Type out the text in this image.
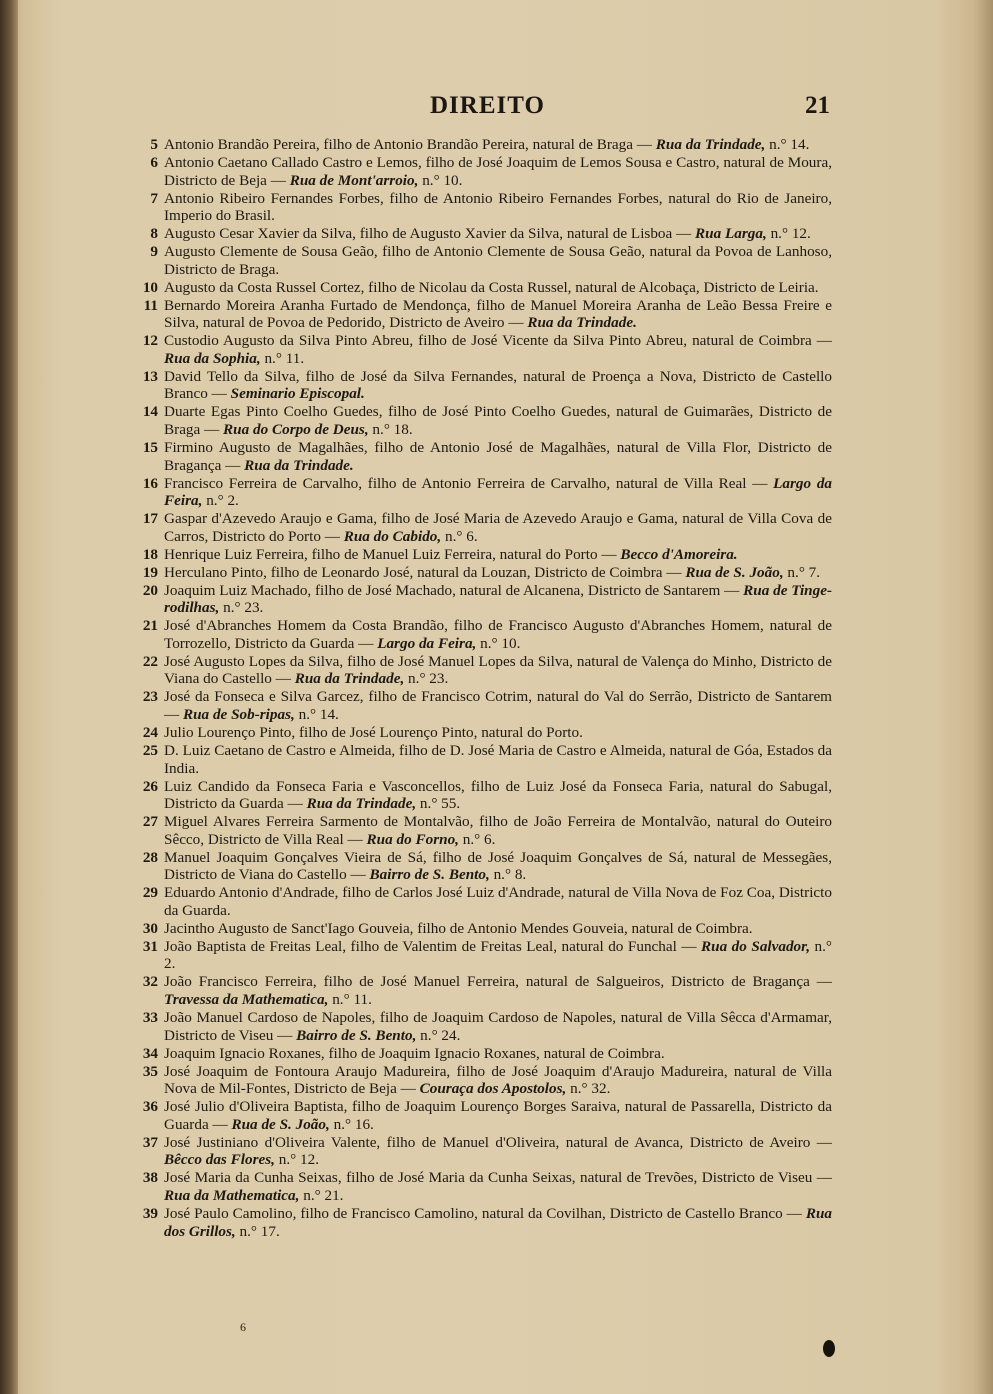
DIREITO	21
5 Antonio Brandão Pereira, filho de Antonio Brandão Pereira, natural de Braga — Rua da Trindade, n.° 14.
6 Antonio Caetano Callado Castro e Lemos, filho de José Joaquim de Lemos Sousa e Castro, natural de Moura, Districto de Beja — Rua de Mont'arroio, n.° 10.
7 Antonio Ribeiro Fernandes Forbes, filho de Antonio Ribeiro Fernandes Forbes, natural do Rio de Janeiro, Imperio do Brasil.
8 Augusto Cesar Xavier da Silva, filho de Augusto Xavier da Silva, natural de Lisboa — Rua Larga, n.° 12.
9 Augusto Clemente de Sousa Geão, filho de Antonio Clemente de Sousa Geão, natural da Povoa de Lanhoso, Districto de Braga.
10 Augusto da Costa Russel Cortez, filho de Nicolau da Costa Russel, natural de Alcobaça, Districto de Leiria.
11 Bernardo Moreira Aranha Furtado de Mendonça, filho de Manuel Moreira Aranha de Leão Bessa Freire e Silva, natural de Povoa de Pedorido, Districto de Aveiro — Rua da Trindade.
12 Custodio Augusto da Silva Pinto Abreu, filho de José Vicente da Silva Pinto Abreu, natural de Coimbra — Rua da Sophia, n.° 11.
13 David Tello da Silva, filho de José da Silva Fernandes, natural de Proença a Nova, Districto de Castello Branco — Seminario Episcopal.
14 Duarte Egas Pinto Coelho Guedes, filho de José Pinto Coelho Guedes, natural de Guimarães, Districto de Braga — Rua do Corpo de Deus, n.° 18.
15 Firmino Augusto de Magalhães, filho de Antonio José de Magalhães, natural de Villa Flor, Districto de Bragança — Rua da Trindade.
16 Francisco Ferreira de Carvalho, filho de Antonio Ferreira de Carvalho, natural de Villa Real — Largo da Feira, n.° 2.
17 Gaspar d'Azevedo Araujo e Gama, filho de José Maria de Azevedo Araujo e Gama, natural de Villa Cova de Carros, Districto do Porto — Rua do Cabido, n.° 6.
18 Henrique Luiz Ferreira, filho de Manuel Luiz Ferreira, natural do Porto — Becco d'Amoreira.
19 Herculano Pinto, filho de Leonardo José, natural da Louzan, Districto de Coimbra — Rua de S. João, n.° 7.
20 Joaquim Luiz Machado, filho de José Machado, natural de Alcanena, Districto de Santarem — Rua de Tinge-rodilhas, n.° 23.
21 José d'Abranches Homem da Costa Brandão, filho de Francisco Augusto d'Abranches Homem, natural de Torrozello, Districto da Guarda — Largo da Feira, n.° 10.
22 José Augusto Lopes da Silva, filho de José Manuel Lopes da Silva, natural de Valença do Minho, Districto de Viana do Castello — Rua da Trindade, n.° 23.
23 José da Fonseca e Silva Garcez, filho de Francisco Cotrim, natural do Val do Serrão, Districto de Santarem — Rua de Sob-ripas, n.° 14.
24 Julio Lourenço Pinto, filho de José Lourenço Pinto, natural do Porto.
25 D. Luiz Caetano de Castro e Almeida, filho de D. José Maria de Castro e Almeida, natural de Góa, Estados da India.
26 Luiz Candido da Fonseca Faria e Vasconcellos, filho de Luiz José da Fonseca Faria, natural do Sabugal, Districto da Guarda — Rua da Trindade, n.° 55.
27 Miguel Alvares Ferreira Sarmento de Montalvão, filho de João Ferreira de Montalvão, natural do Outeiro Sêcco, Districto de Villa Real — Rua do Forno, n.° 6.
28 Manuel Joaquim Gonçalves Vieira de Sá, filho de José Joaquim Gonçalves de Sá, natural de Messegães, Districto de Viana do Castello — Bairro de S. Bento, n.° 8.
29 Eduardo Antonio d'Andrade, filho de Carlos José Luiz d'Andrade, natural de Villa Nova de Foz Coa, Districto da Guarda.
30 Jacintho Augusto de Sanct'Iago Gouveia, filho de Antonio Mendes Gouveia, natural de Coimbra.
31 João Baptista de Freitas Leal, filho de Valentim de Freitas Leal, natural do Funchal — Rua do Salvador, n.° 2.
32 João Francisco Ferreira, filho de José Manuel Ferreira, natural de Salgueiros, Districto de Bragança — Travessa da Mathematica, n.° 11.
33 João Manuel Cardoso de Napoles, filho de Joaquim Cardoso de Napoles, natural de Villa Sêcca d'Armamar, Districto de Viseu — Bairro de S. Bento, n.° 24.
34 Joaquim Ignacio Roxanes, filho de Joaquim Ignacio Roxanes, natural de Coimbra.
35 José Joaquim de Fontoura Araujo Madureira, filho de José Joaquim d'Araujo Madureira, natural de Villa Nova de Mil-Fontes, Districto de Beja — Couraça dos Apostolos, n.° 32.
36 José Julio d'Oliveira Baptista, filho de Joaquim Lourenço Borges Saraiva, natural de Passarella, Districto da Guarda — Rua de S. João, n.° 16.
37 José Justiniano d'Oliveira Valente, filho de Manuel d'Oliveira, natural de Avanca, Districto de Aveiro — Bêcco das Flores, n.° 12.
38 José Maria da Cunha Seixas, filho de José Maria da Cunha Seixas, natural de Trevões, Districto de Viseu — Rua da Mathematica, n.° 21.
39 José Paulo Camolino, filho de Francisco Camolino, natural da Covilhan, Districto de Castello Branco — Rua dos Grillos, n.° 17.
6
